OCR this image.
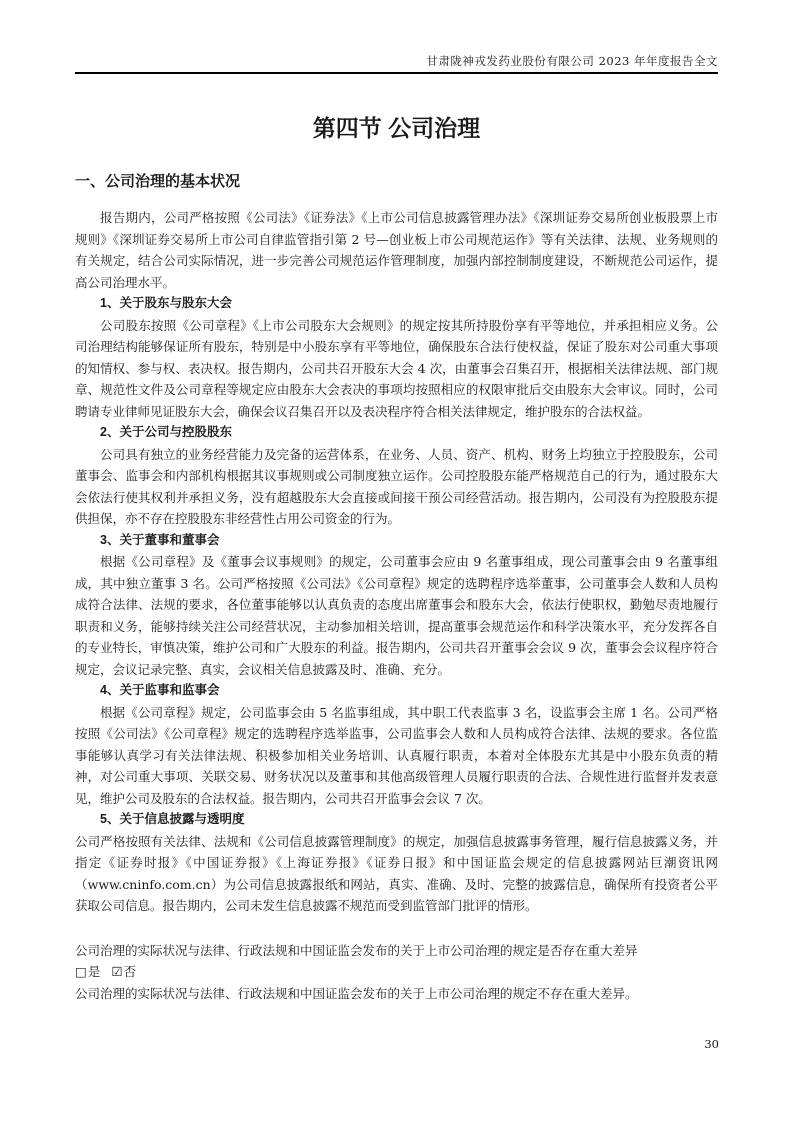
甘肃陇神戎发药业股份有限公司 2023 年年度报告全文
第四节 公司治理
一、公司治理的基本状况

报告期内，公司严格按照《公司法》《证券法》《上市公司信息披露管理办法》《深圳证券交易所创业板股票上市规则》《深圳证券交易所上市公司自律监管指引第 2 号—创业板上市公司规范运作》等有关法律、法规、业务规则的有关规定，结合公司实际情况，进一步完善公司规范运作管理制度，加强内部控制制度建设，不断规范公司运作，提高公司治理水平。

1、关于股东与股东大会

公司股东按照《公司章程》《上市公司股东大会规则》的规定按其所持股份享有平等地位，并承担相应义务。公司治理结构能够保证所有股东，特别是中小股东享有平等地位，确保股东合法行使权益，保证了股东对公司重大事项的知情权、参与权、表决权。报告期内，公司共召开股东大会 4 次，由董事会召集召开，根据相关法律法规、部门规章、规范性文件及公司章程等规定应由股东大会表决的事项均按照相应的权限审批后交由股东大会审议。同时，公司聘请专业律师见证股东大会，确保会议召集召开以及表决程序符合相关法律规定，维护股东的合法权益。

2、关于公司与控股股东

公司具有独立的业务经营能力及完备的运营体系，在业务、人员、资产、机构、财务上均独立于控股股东，公司董事会、监事会和内部机构根据其议事规则或公司制度独立运作。公司控股股东能严格规范自己的行为，通过股东大会依法行使其权利并承担义务，没有超越股东大会直接或间接干预公司经营活动。报告期内，公司没有为控股股东提供担保，亦不存在控股股东非经营性占用公司资金的行为。

3、关于董事和董事会

根据《公司章程》及《董事会议事规则》的规定，公司董事会应由 9 名董事组成，现公司董事会由 9 名董事组成，其中独立董事 3 名。公司严格按照《公司法》《公司章程》规定的选聘程序选举董事，公司董事会人数和人员构成符合法律、法规的要求，各位董事能够以认真负责的态度出席董事会和股东大会，依法行使职权，勤勉尽责地履行职责和义务，能够持续关注公司经营状况，主动参加相关培训，提高董事会规范运作和科学决策水平，充分发挥各自的专业特长，审慎决策，维护公司和广大股东的利益。报告期内，公司共召开董事会会议 9 次，董事会会议程序符合规定，会议记录完整、真实，会议相关信息披露及时、准确、充分。

4、关于监事和监事会

根据《公司章程》规定，公司监事会由 5 名监事组成，其中职工代表监事 3 名，设监事会主席 1 名。公司严格按照《公司法》《公司章程》规定的选聘程序选举监事，公司监事会人数和人员构成符合法律、法规的要求。各位监事能够认真学习有关法律法规、积极参加相关业务培训、认真履行职责，本着对全体股东尤其是中小股东负责的精神，对公司重大事项、关联交易、财务状况以及董事和其他高级管理人员履行职责的合法、合规性进行监督并发表意见，维护公司及股东的合法权益。报告期内，公司共召开监事会会议 7 次。

5、关于信息披露与透明度

公司严格按照有关法律、法规和《公司信息披露管理制度》的规定，加强信息披露事务管理，履行信息披露义务，并指定《证券时报》《中国证券报》《上海证券报》《证券日报》和中国证监会规定的信息披露网站巨潮资讯网（www.cninfo.com.cn）为公司信息披露报纸和网站，真实、准确、及时、完整的披露信息，确保所有投资者公平获取公司信息。报告期内，公司未发生信息披露不规范而受到监管部门批评的情形。

公司治理的实际状况与法律、行政法规和中国证监会发布的关于上市公司治理的规定是否存在重大差异

□是 ☑否

公司治理的实际状况与法律、行政法规和中国证监会发布的关于上市公司治理的规定不存在重大差异。

30
